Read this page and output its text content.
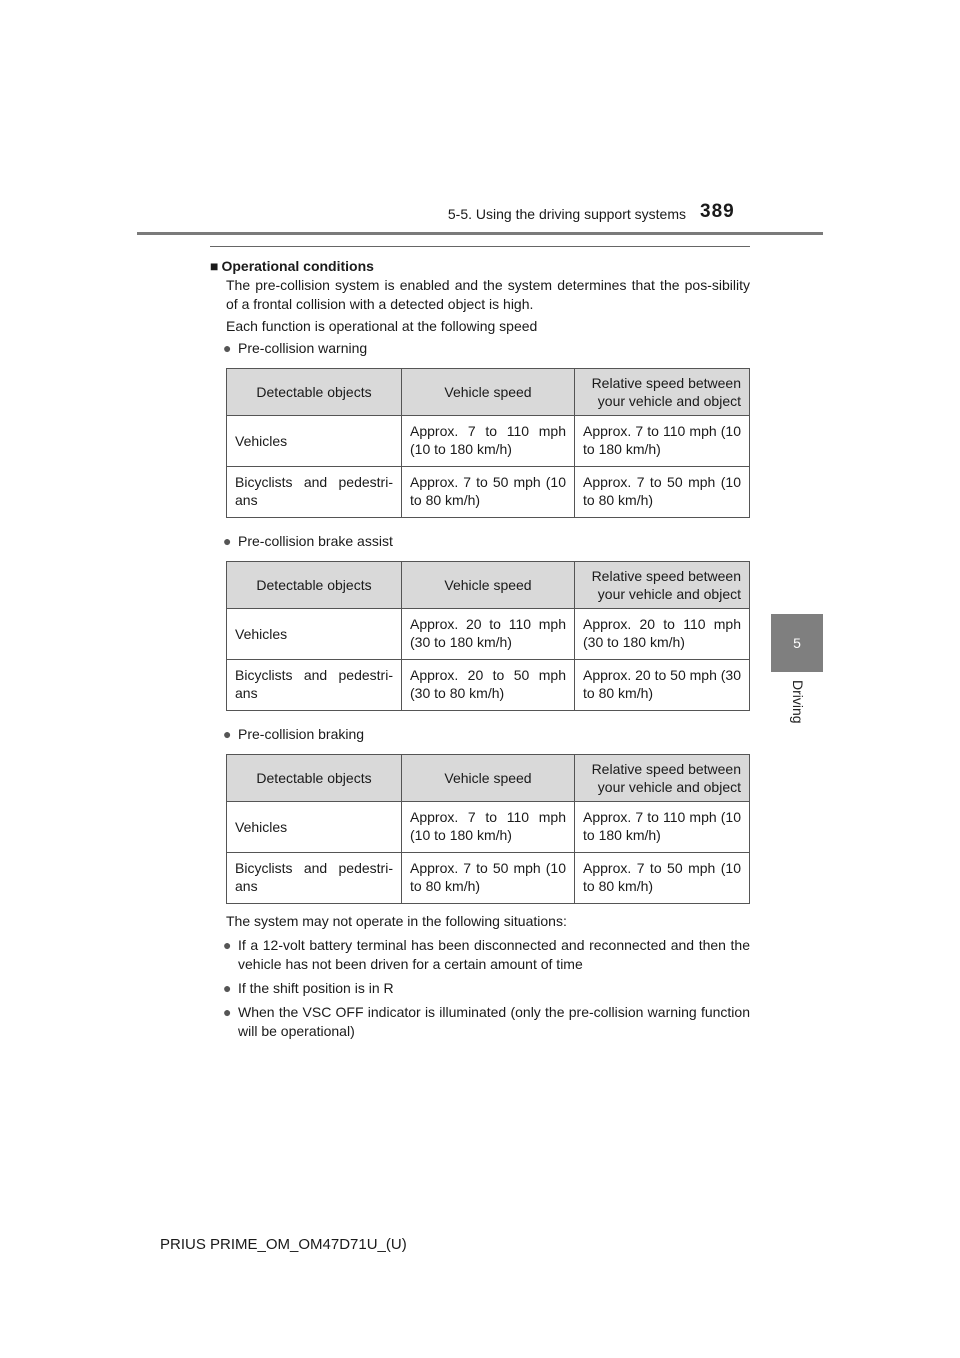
5-5. Using the driving support systems 389
5
Driving
■ Operational conditions
The pre-collision system is enabled and the system determines that the pos-sibility of a frontal collision with a detected object is high.
Each function is operational at the following speed
● Pre-collision warning
Detectable objects	Vehicle speed	Relative speed between your vehicle and object
Vehicles	Approx. 7 to 110 mph (10 to 180 km/h)	Approx. 7 to 110 mph (10 to 180 km/h)
Bicyclists and pedestri-ans	Approx. 7 to 50 mph (10 to 80 km/h)	Approx. 7 to 50 mph (10 to 80 km/h)
● Pre-collision brake assist
Detectable objects	Vehicle speed	Relative speed between your vehicle and object
Vehicles	Approx. 20 to 110 mph (30 to 180 km/h)	Approx. 20 to 110 mph (30 to 180 km/h)
Bicyclists and pedestri-ans	Approx. 20 to 50 mph (30 to 80 km/h)	Approx. 20 to 50 mph (30 to 80 km/h)
● Pre-collision braking
Detectable objects	Vehicle speed	Relative speed between your vehicle and object
Vehicles	Approx. 7 to 110 mph (10 to 180 km/h)	Approx. 7 to 110 mph (10 to 180 km/h)
Bicyclists and pedestri-ans	Approx. 7 to 50 mph (10 to 80 km/h)	Approx. 7 to 50 mph (10 to 80 km/h)
The system may not operate in the following situations:
● If a 12-volt battery terminal has been disconnected and reconnected and then the vehicle has not been driven for a certain amount of time
● If the shift position is in R
● When the VSC OFF indicator is illuminated (only the pre-collision warning function will be operational)
PRIUS PRIME_OM_OM47D71U_(U)
